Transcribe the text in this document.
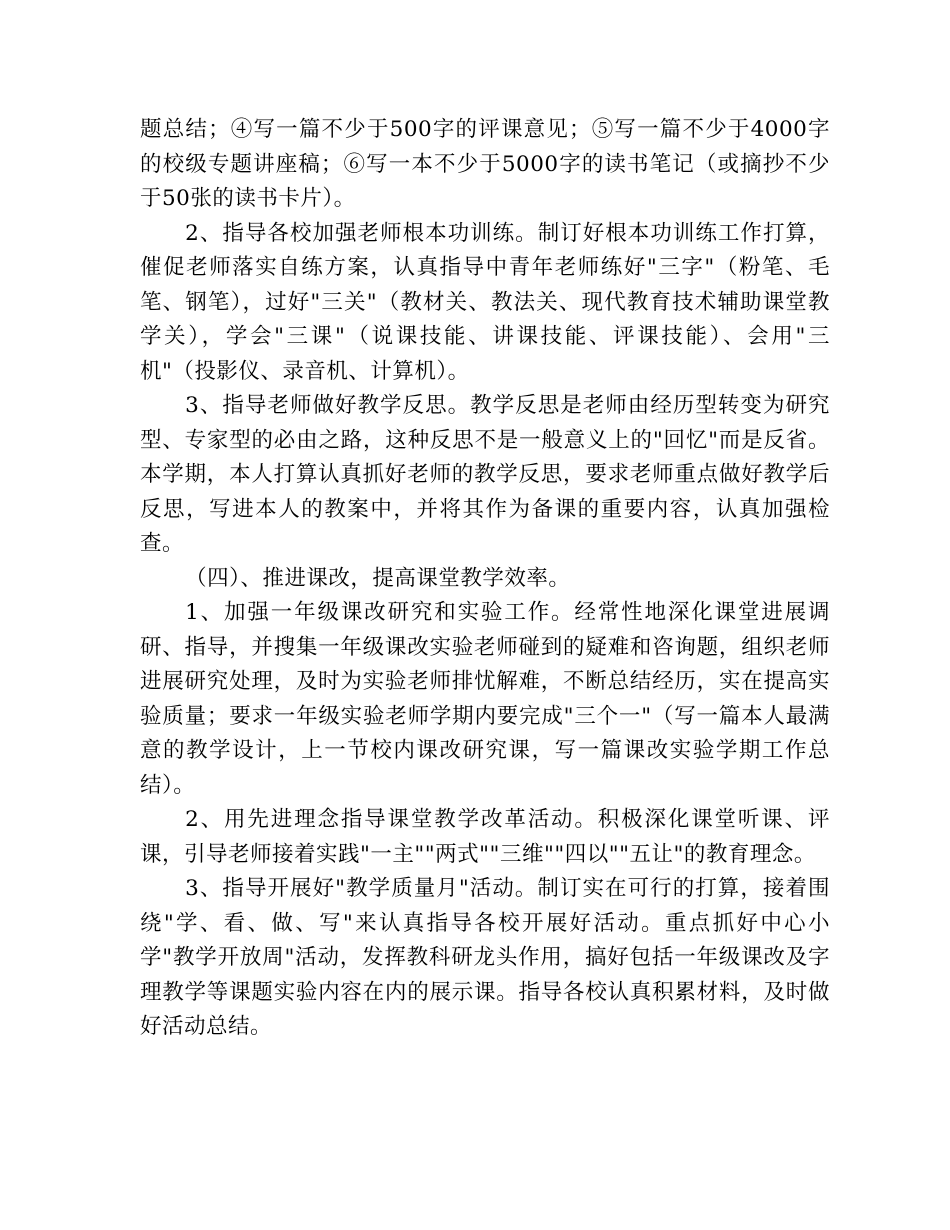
题总结；④写一篇不少于500字的评课意见；⑤写一篇不少于4000字的校级专题讲座稿；⑥写一本不少于5000字的读书笔记（或摘抄不少于50张的读书卡片）。

2、指导各校加强老师根本功训练。制订好根本功训练工作打算，催促老师落实自练方案，认真指导中青年老师练好"三字"（粉笔、毛笔、钢笔），过好"三关"（教材关、教法关、现代教育技术辅助课堂教学关），学会"三课"（说课技能、讲课技能、评课技能）、会用"三机"（投影仪、录音机、计算机）。

3、指导老师做好教学反思。教学反思是老师由经历型转变为研究型、专家型的必由之路，这种反思不是一般意义上的"回忆"而是反省。本学期，本人打算认真抓好老师的教学反思，要求老师重点做好教学后反思，写进本人的教案中，并将其作为备课的重要内容，认真加强检查。

（四）、推进课改，提高课堂教学效率。

1、加强一年级课改研究和实验工作。经常性地深化课堂进展调研、指导，并搜集一年级课改实验老师碰到的疑难和咨询题，组织老师进展研究处理，及时为实验老师排忧解难，不断总结经历，实在提高实验质量；要求一年级实验老师学期内要完成"三个一"（写一篇本人最满意的教学设计，上一节校内课改研究课，写一篇课改实验学期工作总结）。

2、用先进理念指导课堂教学改革活动。积极深化课堂听课、评课，引导老师接着实践"一主""两式""三维""四以""五让"的教育理念。

3、指导开展好"教学质量月"活动。制订实在可行的打算，接着围绕"学、看、做、写"来认真指导各校开展好活动。重点抓好中心小学"教学开放周"活动，发挥教科研龙头作用，搞好包括一年级课改及字理教学等课题实验内容在内的展示课。指导各校认真积累材料，及时做好活动总结。
